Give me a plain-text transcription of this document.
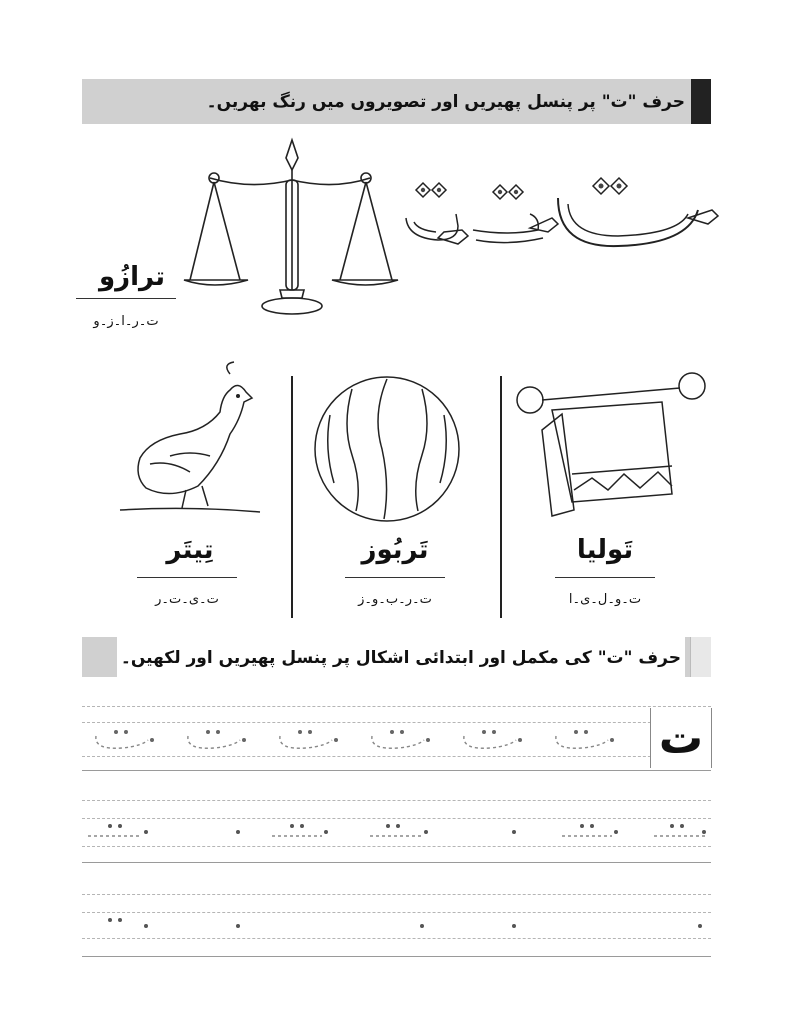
حرف "ت" پر پنسل پھیریں اور تصویروں میں رنگ بھریں۔
ترازُو
ت۔ر۔ا۔ز۔و
تِیتَر
ت۔ی۔ت۔ر
تَربُوز
ت۔ر۔ب۔و۔ز
تَولیا
ت۔و۔ل۔ی۔ا
حرف "ت" کی مکمل اور ابتدائی اشکال پر پنسل پھیریں اور لکھیں۔
ت
